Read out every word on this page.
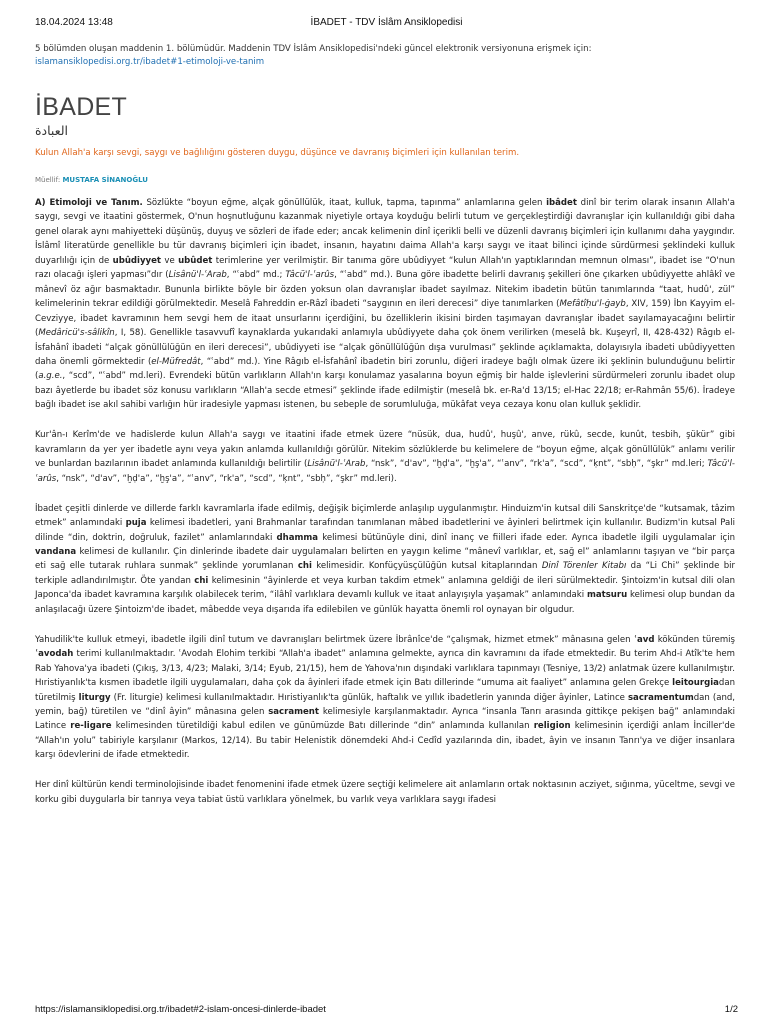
18.04.2024 13:48	İBADET - TDV İslâm Ansiklopedisi
5 bölümden oluşan maddenin 1. bölümüdür. Maddenin TDV İslâm Ansiklopedisi'ndeki güncel elektronik versiyonuna erişmek için:
islamansiklopedisi.org.tr/ibadet#1-etimoloji-ve-tanim
İBADET
العبادة
Kulun Allah'a karşı sevgi, saygı ve bağlılığını gösteren duygu, düşünce ve davranış biçimleri için kullanılan terim.
Müellif: MUSTAFA SİNANOĞLU

A) Etimoloji ve Tanım. Sözlükte “boyun eğme, alçak gönüllülük, itaat, kulluk, tapma, tapınma” anlamlarına gelen ibâdet dinî bir terim olarak insanın Allah'a saygı, sevgi ve itaatini göstermek, O'nun hoşnutluğunu kazanmak niyetiyle ortaya koyduğu belirli tutum ve gerçekleştirdiği davranışlar için kullanıldığı gibi daha genel olarak aynı mahiyetteki düşünüş, duyuş ve sözleri de ifade eder; ancak kelimenin dinî içerikli belli ve düzenli davranış biçimleri için kullanımı daha yaygındır. İslâmî literatürde genellikle bu tür davranış biçimleri için ibadet, insanın, hayatını daima Allah'a karşı saygı ve itaat bilinci içinde sürdürmesi şeklindeki kulluk duyarlılığı için de ubûdiyyet ve ubûdet terimlerine yer verilmiştir. Bir tanıma göre ubûdiyyet “kulun Allah'ın yaptıklarından memnun olması”, ibadet ise “O'nun razı olacağı işleri yapması”dır (Lisânü'l-ʿArab, “ʿabd” md.; Tâcü'l-ʿarûs, “ʿabd” md.). Buna göre ibadette belirli davranış şekilleri öne çıkarken ubûdiyyette ahlâkî ve mânevî öz ağır basmaktadır. Bununla birlikte böyle bir özden yoksun olan davranışlar ibadet sayılmaz. Nitekim ibadetin bütün tanımlarında “taat, hudû', zül” kelimelerinin tekrar edildiği görülmektedir. Meselâ Fahreddin er-Râzî ibadeti “saygının en ileri derecesi” diye tanımlarken (Mefâtîḥu'l-ġayb, XIV, 159) İbn Kayyim el-Cevziyye, ibadet kavramının hem sevgi hem de itaat unsurlarını içerdiğini, bu özelliklerin ikisini birden taşımayan davranışlar ibadet sayılamayacağını belirtir (Medâricü's-sâlikîn, I, 58). Genellikle tasavvufî kaynaklarda yukarıdaki anlamıyla ubûdiyyete daha çok önem verilirken (meselâ bk. Kuşeyrî, II, 428-432) Râgıb el-İsfahânî ibadeti “alçak gönüllülüğün en ileri derecesi”, ubûdiyyeti ise “alçak gönüllülüğün dışa vurulması” şeklinde açıklamakta, dolayısıyla ibadeti ubûdiyyetten daha önemli görmektedir (el-Müfredât, “ʿabd” md.). Yine Râgıb el-İsfahânî ibadetin biri zorunlu, diğeri iradeye bağlı olmak üzere iki şeklinin bulunduğunu belirtir (a.g.e., “scd”, “ʿabd” md.leri). Evrendeki bütün varlıkların Allah'ın karşı konulamaz yasalarına boyun eğmiş bir halde işlevlerini sürdürmeleri zorunlu ibadet olup bazı âyetlerde bu ibadet söz konusu varlıkların “Allah'a secde etmesi” şeklinde ifade edilmiştir (meselâ bk. er-Ra'd 13/15; el-Hac 22/18; er-Rahmân 55/6). İradeye bağlı ibadet ise akıl sahibi varlığın hür iradesiyle yapması istenen, bu sebeple de sorumluluğa, mükâfat veya cezaya konu olan kulluk şeklidir.

Kur'ân-ı Kerîm'de ve hadislerde kulun Allah'a saygı ve itaatini ifade etmek üzere “nüsük, dua, hudû', huşû', anve, rükû, secde, kunût, tesbih, şükür” gibi kavramların da yer yer ibadetle aynı veya yakın anlamda kullanıldığı görülür. Nitekim sözlüklerde bu kelimelere de “boyun eğme, alçak gönüllülük” anlamı verilir ve bunlardan bazılarının ibadet anlamında kullanıldığı belirtilir (Lisânü'l-ʿArab, “nsk”, “d'av”, “ḫḍ'a”, “ḫş'a”, “ʿanv”, “rk'a”, “scd”, “ḳnt”, “sbḥ”, “şkr” md.leri; Tâcü'l-ʿarûs, “nsk”, “d'av”, “ḫḍ'a”, “ḫş'a”, “ʿanv”, “rk'a”, “scd”, “ḳnt”, “sbḥ”, “şkr” md.leri).

İbadet çeşitli dinlerde ve dillerde farklı kavramlarla ifade edilmiş, değişik biçimlerde anlaşılıp uygulanmıştır. Hinduizm'in kutsal dili Sanskritçe'de “kutsamak, tâzim etmek” anlamındaki puja kelimesi ibadetleri, yani Brahmanlar tarafından tanımlanan mâbed ibadetlerini ve âyinleri belirtmek için kullanılır. Budizm'in kutsal Pali dilinde “din, doktrin, doğruluk, fazilet” anlamlarındaki dhamma kelimesi bütünüyle dini, dinî inanç ve fiilleri ifade eder. Ayrıca ibadetle ilgili uygulamalar için vandana kelimesi de kullanılır. Çin dinlerinde ibadete dair uygulamaları belirten en yaygın kelime “mânevî varlıklar, et, sağ el” anlamlarını taşıyan ve “bir parça eti sağ elle tutarak ruhlara sunmak” şeklinde yorumlanan chi kelimesidir. Konfüçyüsçülüğün kutsal kitaplarından Dinî Törenler Kitabı da “Li Chi” şeklinde bir terkiple adlandırılmıştır. Öte yandan chi kelimesinin “âyinlerde et veya kurban takdim etmek” anlamına geldiği de ileri sürülmektedir. Şintoizm'in kutsal dili olan Japonca'da ibadet kavramına karşılık olabilecek terim, “ilâhî varlıklara devamlı kulluk ve itaat anlayışıyla yaşamak” anlamındaki matsuru kelimesi olup bundan da anlaşılacağı üzere Şintoizm'de ibadet, mâbedde veya dışarıda ifa edilebilen ve günlük hayatta önemli rol oynayan bir olgudur.

Yahudilik'te kulluk etmeyi, ibadetle ilgili dinî tutum ve davranışları belirtmek üzere İbrânîce'de “çalışmak, hizmet etmek” mânasına gelen ʿavd kökünden türemiş ʿavodah terimi kullanılmaktadır. ʿAvodah Elohim terkibi “Allah'a ibadet” anlamına gelmekte, ayrıca din kavramını da ifade etmektedir. Bu terim Ahd-i Atîk'te hem Rab Yahova'ya ibadeti (Çıkış, 3/13, 4/23; Malaki, 3/14; Eyub, 21/15), hem de Yahova'nın dışındaki varlıklara tapınmayı (Tesniye, 13/2) anlatmak üzere kullanılmıştır. Hıristiyanlık'ta kısmen ibadetle ilgili uygulamaları, daha çok da âyinleri ifade etmek için Batı dillerinde “umuma ait faaliyet” anlamına gelen Grekçe leitourgiadan türetilmiş liturgy (Fr. liturgie) kelimesi kullanılmaktadır. Hıristiyanlık'ta günlük, haftalık ve yıllık ibadetlerin yanında diğer âyinler, Latince sacramentumdan (and, yemin, bağ) türetilen ve “dinî âyin” mânasına gelen sacrament kelimesiyle karşılanmaktadır. Ayrıca “insanla Tanrı arasında gittikçe pekişen bağ” anlamındaki Latince re-ligare kelimesinden türetildiği kabul edilen ve günümüzde Batı dillerinde “din” anlamında kullanılan religion kelimesinin içerdiği anlam İnciller'de “Allah'ın yolu” tabiriyle karşılanır (Markos, 12/14). Bu tabir Helenistik dönemdeki Ahd-i Cedîd yazılarında din, ibadet, âyin ve insanın Tanrı'ya ve diğer insanlara karşı ödevlerini de ifade etmektedir.

Her dinî kültürün kendi terminolojisinde ibadet fenomenini ifade etmek üzere seçtiği kelimelere ait anlamların ortak noktasının acziyet, sığınma, yüceltme, sevgi ve korku gibi duygularla bir tanrıya veya tabiat üstü varlıklara yönelmek, bu varlık veya varlıklara saygı ifadesi

https://islamansiklopedisi.org.tr/ibadet#2-islam-oncesi-dinlerde-ibadet	1/2
